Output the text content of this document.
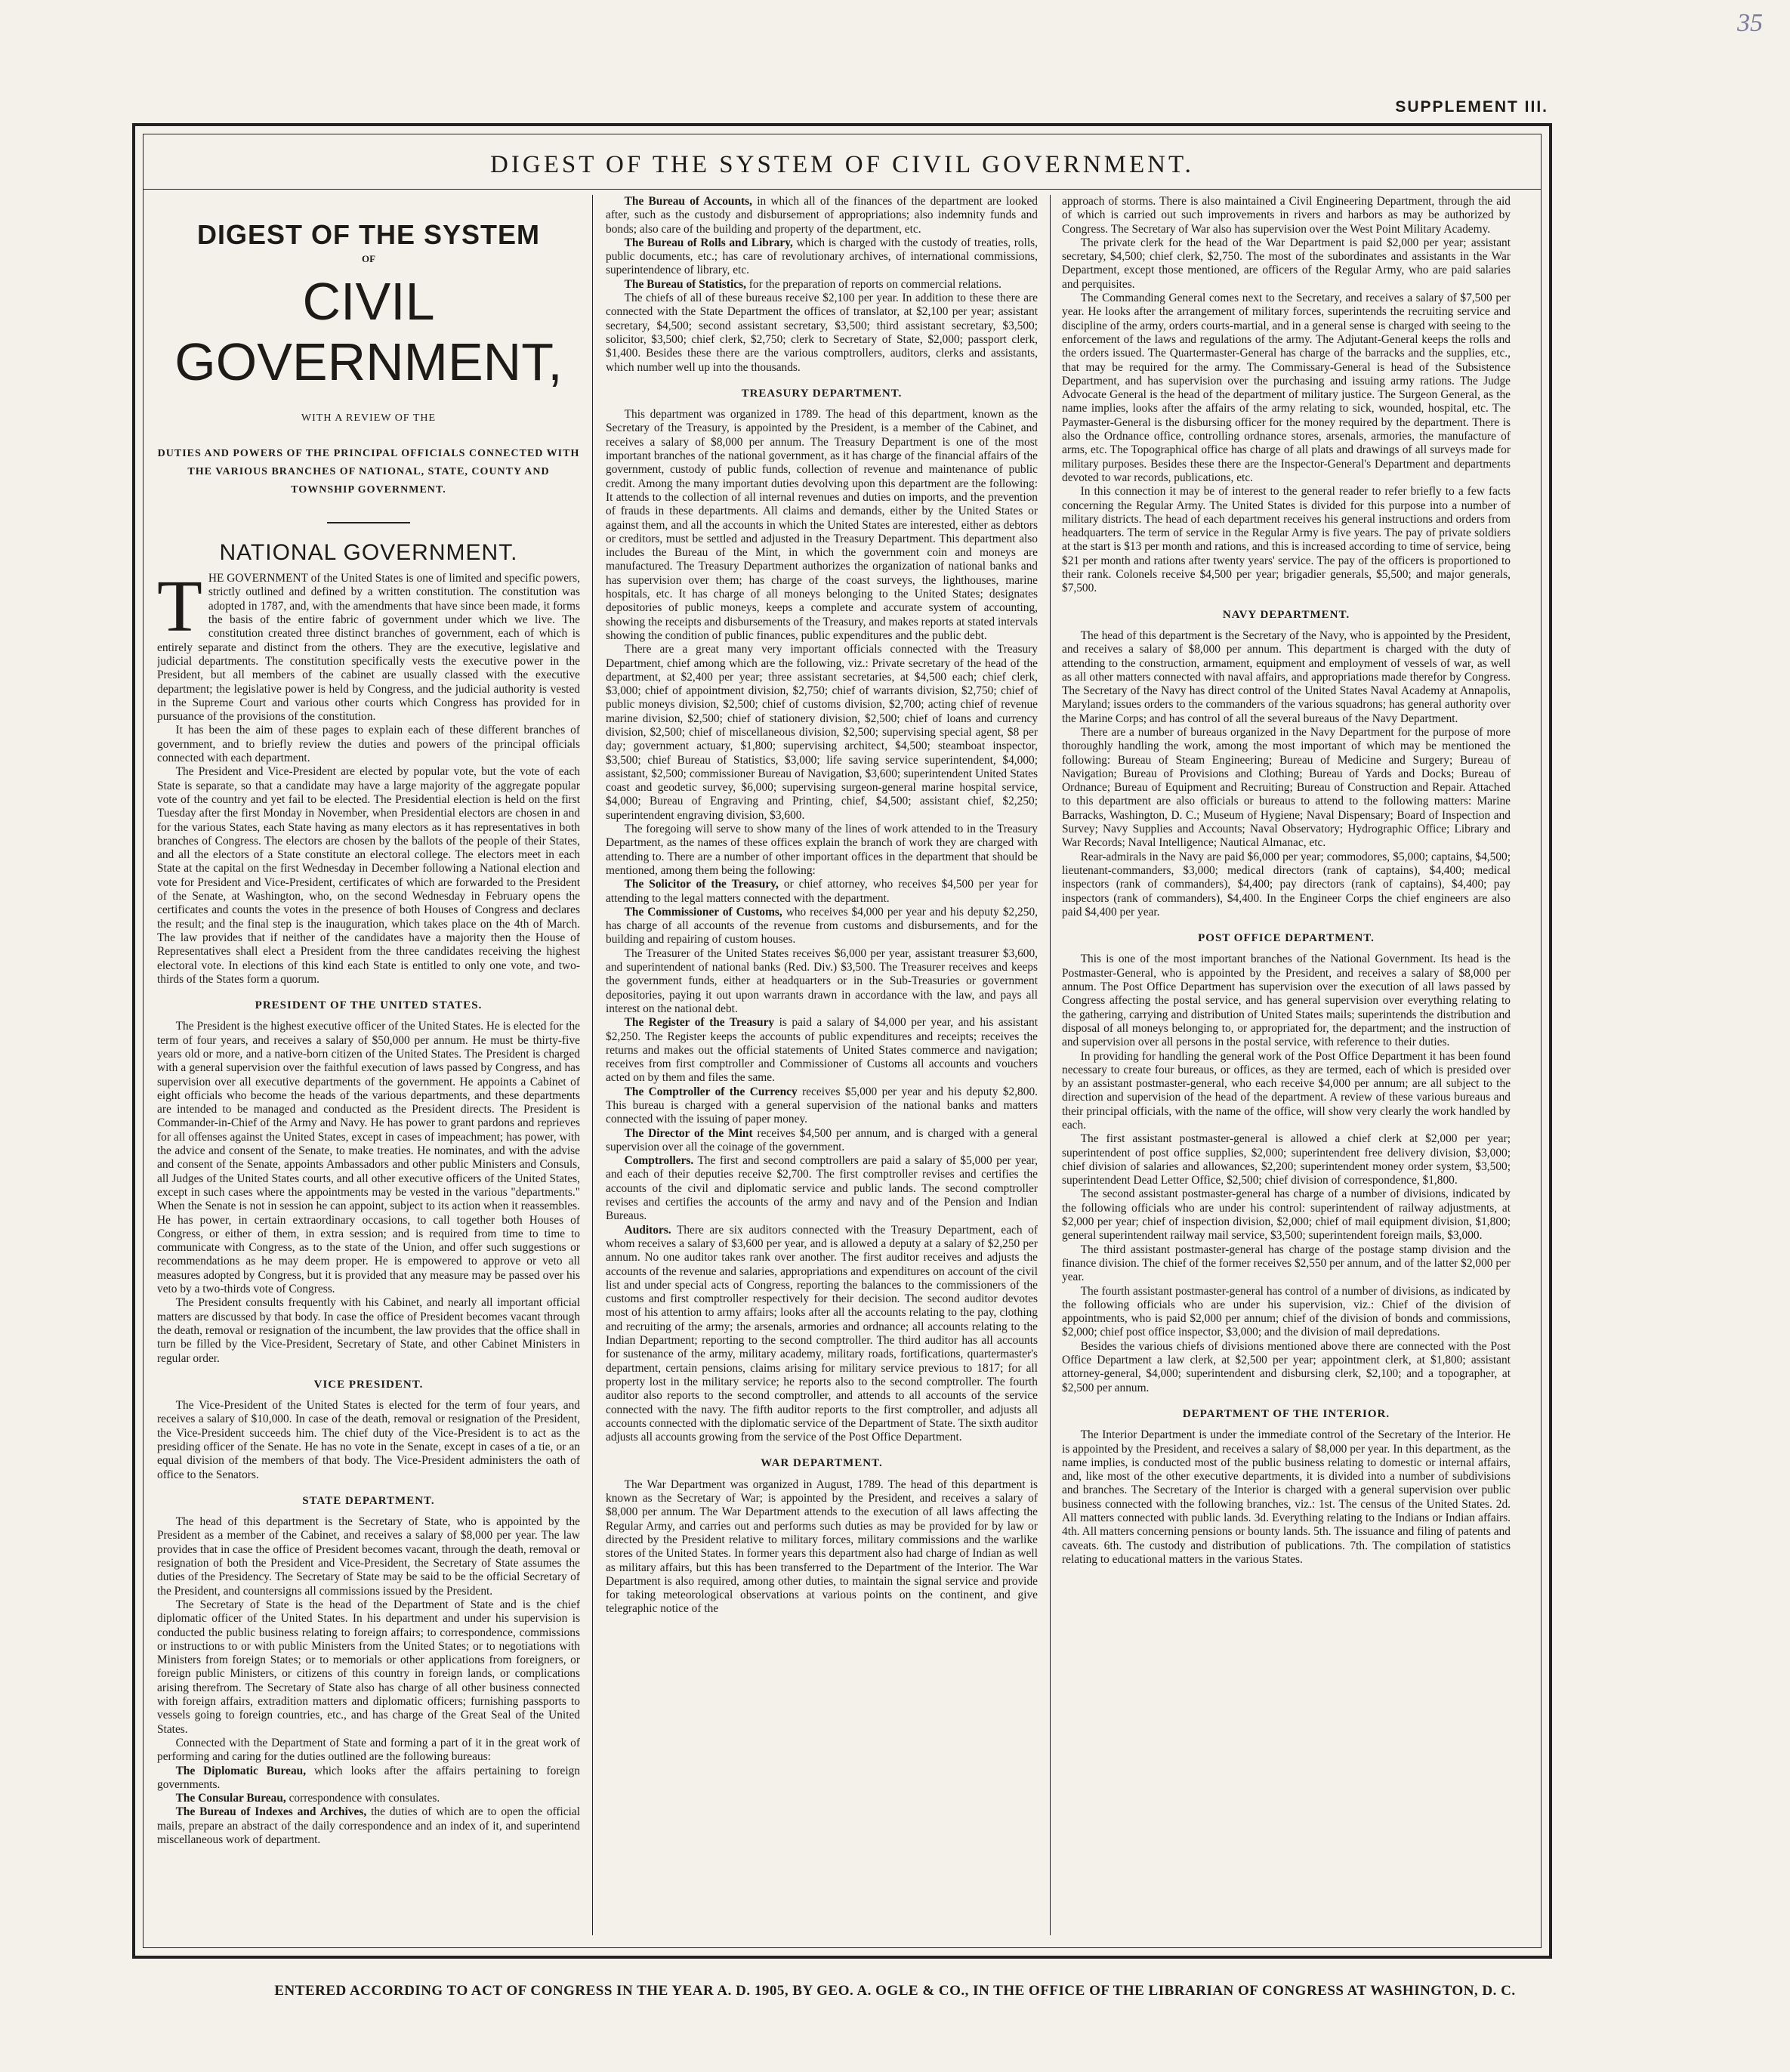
35
SUPPLEMENT III.
DIGEST OF THE SYSTEM OF CIVIL GOVERNMENT.
DIGEST OF THE SYSTEM
OF
CIVIL GOVERNMENT,
WITH A REVIEW OF THE
DUTIES AND POWERS OF THE PRINCIPAL OFFICIALS CONNECTED WITH THE VARIOUS BRANCHES OF NATIONAL, STATE, COUNTY AND TOWNSHIP GOVERNMENT.
NATIONAL GOVERNMENT.
T HE GOVERNMENT of the United States is one of limited and specific powers, strictly outlined and defined by a written constitution. The constitution was adopted in 1787, and, with the amendments that have since been made, it forms the basis of the entire fabric of government under which we live. The constitution created three distinct branches of government, each of which is entirely separate and distinct from the others. They are the executive, legislative and judicial departments. The constitution specifically vests the executive power in the President, but all members of the cabinet are usually classed with the executive department; the legislative power is held by Congress, and the judicial authority is vested in the Supreme Court and various other courts which Congress has provided for in pursuance of the provisions of the constitution.

It has been the aim of these pages to explain each of these different branches of government, and to briefly review the duties and powers of the principal officials connected with each department.

The President and Vice-President are elected by popular vote, but the vote of each State is separate, so that a candidate may have a large majority of the aggregate popular vote of the country and yet fail to be elected. The Presidential election is held on the first Tuesday after the first Monday in November, when Presidential electors are chosen in and for the various States, each State having as many electors as it has representatives in both branches of Congress. The electors are chosen by the ballots of the people of their States, and all the electors of a State constitute an electoral college. The electors meet in each State at the capital on the first Wednesday in December following a National election and vote for President and Vice-President, certificates of which are forwarded to the President of the Senate, at Washington, who, on the second Wednesday in February opens the certificates and counts the votes in the presence of both Houses of Congress and declares the result; and the final step is the inauguration, which takes place on the 4th of March. The law provides that if neither of the candidates have a majority then the House of Representatives shall elect a President from the three candidates receiving the highest electoral vote. In elections of this kind each State is entitled to only one vote, and two-thirds of the States form a quorum.

PRESIDENT OF THE UNITED STATES.

The President is the highest executive officer of the United States. He is elected for the term of four years, and receives a salary of $50,000 per annum. He must be thirty-five years old or more, and a native-born citizen of the United States. The President is charged with a general supervision over the faithful execution of laws passed by Congress, and has supervision over all executive departments of the government. He appoints a Cabinet of eight officials who become the heads of the various departments, and these departments are intended to be managed and conducted as the President directs. The President is Commander-in-Chief of the Army and Navy. He has power to grant pardons and reprieves for all offenses against the United States, except in cases of impeachment; has power, with the advice and consent of the Senate, to make treaties. He nominates, and with the advise and consent of the Senate, appoints Ambassadors and other public Ministers and Consuls, all Judges of the United States courts, and all other executive officers of the United States, except in such cases where the appointments may be vested in the various "departments." When the Senate is not in session he can appoint, subject to its action when it reassembles. He has power, in certain extraordinary occasions, to call together both Houses of Congress, or either of them, in extra session; and is required from time to time to communicate with Congress, as to the state of the Union, and offer such suggestions or recommendations as he may deem proper. He is empowered to approve or veto all measures adopted by Congress, but it is provided that any measure may be passed over his veto by a two-thirds vote of Congress.

The President consults frequently with his Cabinet, and nearly all important official matters are discussed by that body. In case the office of President becomes vacant through the death, removal or resignation of the incumbent, the law provides that the office shall in turn be filled by the Vice-President, Secretary of State, and other Cabinet Ministers in regular order.

VICE PRESIDENT.

The Vice-President of the United States is elected for the term of four years, and receives a salary of $10,000. In case of the death, removal or resignation of the President, the Vice-President succeeds him. The chief duty of the Vice-President is to act as the presiding officer of the Senate. He has no vote in the Senate, except in cases of a tie, or an equal division of the members of that body. The Vice-President administers the oath of office to the Senators.

STATE DEPARTMENT.

The head of this department is the Secretary of State, who is appointed by the President as a member of the Cabinet, and receives a salary of $8,000 per year. The law provides that in case the office of President becomes vacant, through the death, removal or resignation of both the President and Vice-President, the Secretary of State assumes the duties of the Presidency. The Secretary of State may be said to be the official Secretary of the President, and countersigns all commissions issued by the President.

The Secretary of State is the head of the Department of State and is the chief diplomatic officer of the United States. In his department and under his supervision is conducted the public business relating to foreign affairs; to correspondence, commissions or instructions to or with public Ministers from the United States; or to negotiations with Ministers from foreign States; or to memorials or other applications from foreigners, or foreign public Ministers, or citizens of this country in foreign lands, or complications arising therefrom. The Secretary of State also has charge of all other business connected with foreign affairs, extradition matters and diplomatic officers; furnishing passports to vessels going to foreign countries, etc., and has charge of the Great Seal of the United States.

Connected with the Department of State and forming a part of it in the great work of performing and caring for the duties outlined are the following bureaus:

The Diplomatic Bureau, which looks after the affairs pertaining to foreign governments.

The Consular Bureau, correspondence with consulates.

The Bureau of Indexes and Archives, the duties of which are to open the official mails, prepare an abstract of the daily correspondence and an index of it, and superintend miscellaneous work of department.

The Bureau of Accounts, in which all of the finances of the department are looked after, such as the custody and disbursement of appropriations; also indemnity funds and bonds; also care of the building and property of the department, etc.

The Bureau of Rolls and Library, which is charged with the custody of treaties, rolls, public documents, etc.; has care of revolutionary archives, of international commissions, superintendence of library, etc.

The Bureau of Statistics, for the preparation of reports on commercial relations.

The chiefs of all of these bureaus receive $2,100 per year. In addition to these there are connected with the State Department the offices of translator, at $2,100 per year; assistant secretary, $4,500; second assistant secretary, $3,500; third assistant secretary, $3,500; solicitor, $3,500; chief clerk, $2,750; clerk to Secretary of State, $2,000; passport clerk, $1,400. Besides these there are the various comptrollers, auditors, clerks and assistants, which number well up into the thousands.

TREASURY DEPARTMENT.

This department was organized in 1789. The head of this department, known as the Secretary of the Treasury, is appointed by the President, is a member of the Cabinet, and receives a salary of $8,000 per annum. The Treasury Department is one of the most important branches of the national government, as it has charge of the financial affairs of the government, custody of public funds, collection of revenue and maintenance of public credit. Among the many important duties devolving upon this department are the following: It attends to the collection of all internal revenues and duties on imports, and the prevention of frauds in these departments. All claims and demands, either by the United States or against them, and all the accounts in which the United States are interested, either as debtors or creditors, must be settled and adjusted in the Treasury Department. This department also includes the Bureau of the Mint, in which the government coin and moneys are manufactured. The Treasury Department authorizes the organization of national banks and has supervision over them; has charge of the coast surveys, the lighthouses, marine hospitals, etc. It has charge of all moneys belonging to the United States; designates depositories of public moneys, keeps a complete and accurate system of accounting, showing the receipts and disbursements of the Treasury, and makes reports at stated intervals showing the condition of public finances, public expenditures and the public debt.

There are a great many very important officials connected with the Treasury Department, chief among which are the following, viz.: Private secretary of the head of the department, at $2,400 per year; three assistant secretaries, at $4,500 each; chief clerk, $3,000; chief of appointment division, $2,750; chief of warrants division, $2,750; chief of public moneys division, $2,500; chief of customs division, $2,700; acting chief of revenue marine division, $2,500; chief of stationery division, $2,500; chief of loans and currency division, $2,500; chief of miscellaneous division, $2,500; supervising special agent, $8 per day; government actuary, $1,800; supervising architect, $4,500; steamboat inspector, $3,500; chief Bureau of Statistics, $3,000; life saving service superintendent, $4,000; assistant, $2,500; commissioner Bureau of Navigation, $3,600; superintendent United States coast and geodetic survey, $6,000; supervising surgeon-general marine hospital service, $4,000; Bureau of Engraving and Printing, chief, $4,500; assistant chief, $2,250; superintendent engraving division, $3,600.

The foregoing will serve to show many of the lines of work attended to in the Treasury Department, as the names of these offices explain the branch of work they are charged with attending to. There are a number of other important offices in the department that should be mentioned, among them being the following:

The Solicitor of the Treasury, or chief attorney, who receives $4,500 per year for attending to the legal matters connected with the department.

The Commissioner of Customs, who receives $4,000 per year and his deputy $2,250, has charge of all accounts of the revenue from customs and disbursements, and for the building and repairing of custom houses.

The Treasurer of the United States receives $6,000 per year, assistant treasurer $3,600, and superintendent of national banks (Red. Div.) $3,500. The Treasurer receives and keeps the government funds, either at headquarters or in the Sub-Treasuries or government depositories, paying it out upon warrants drawn in accordance with the law, and pays all interest on the national debt.

The Register of the Treasury is paid a salary of $4,000 per year, and his assistant $2,250. The Register keeps the accounts of public expenditures and receipts; receives the returns and makes out the official statements of United States commerce and navigation; receives from first comptroller and Commissioner of Customs all accounts and vouchers acted on by them and files the same.

The Comptroller of the Currency receives $5,000 per year and his deputy $2,800. This bureau is charged with a general supervision of the national banks and matters connected with the issuing of paper money.

The Director of the Mint receives $4,500 per annum, and is charged with a general supervision over all the coinage of the government.

Comptrollers. The first and second comptrollers are paid a salary of $5,000 per year, and each of their deputies receive $2,700. The first comptroller revises and certifies the accounts of the civil and diplomatic service and public lands. The second comptroller revises and certifies the accounts of the army and navy and of the Pension and Indian Bureaus.

Auditors. There are six auditors connected with the Treasury Department, each of whom receives a salary of $3,600 per year, and is allowed a deputy at a salary of $2,250 per annum. No one auditor takes rank over another. The first auditor receives and adjusts the accounts of the revenue and salaries, appropriations and expenditures on account of the civil list and under special acts of Congress, reporting the balances to the commissioners of the customs and first comptroller respectively for their decision. The second auditor devotes most of his attention to army affairs; looks after all the accounts relating to the pay, clothing and recruiting of the army; the arsenals, armories and ordnance; all accounts relating to the Indian Department; reporting to the second comptroller. The third auditor has all accounts for sustenance of the army, military academy, military roads, fortifications, quartermaster's department, certain pensions, claims arising for military service previous to 1817; for all property lost in the military service; he reports also to the second comptroller. The fourth auditor also reports to the second comptroller, and attends to all accounts of the service connected with the navy. The fifth auditor reports to the first comptroller, and adjusts all accounts connected with the diplomatic service of the Department of State. The sixth auditor adjusts all accounts growing from the service of the Post Office Department.

WAR DEPARTMENT.

The War Department was organized in August, 1789. The head of this department is known as the Secretary of War; is appointed by the President, and receives a salary of $8,000 per annum. The War Department attends to the execution of all laws affecting the Regular Army, and carries out and performs such duties as may be provided for by law or directed by the President relative to military forces, military commissions and the warlike stores of the United States. In former years this department also had charge of Indian as well as military affairs, but this has been transferred to the Department of the Interior. The War Department is also required, among other duties, to maintain the signal service and provide for taking meteorological observations at various points on the continent, and give telegraphic notice of the

approach of storms. There is also maintained a Civil Engineering Department, through the aid of which is carried out such improvements in rivers and harbors as may be authorized by Congress. The Secretary of War also has supervision over the West Point Military Academy.

The private clerk for the head of the War Department is paid $2,000 per year; assistant secretary, $4,500; chief clerk, $2,750. The most of the subordinates and assistants in the War Department, except those mentioned, are officers of the Regular Army, who are paid salaries and perquisites.

The Commanding General comes next to the Secretary, and receives a salary of $7,500 per year. He looks after the arrangement of military forces, superintends the recruiting service and discipline of the army, orders courts-martial, and in a general sense is charged with seeing to the enforcement of the laws and regulations of the army. The Adjutant-General keeps the rolls and the orders issued. The Quartermaster-General has charge of the barracks and the supplies, etc., that may be required for the army. The Commissary-General is head of the Subsistence Department, and has supervision over the purchasing and issuing army rations. The Judge Advocate General is the head of the department of military justice. The Surgeon General, as the name implies, looks after the affairs of the army relating to sick, wounded, hospital, etc. The Paymaster-General is the disbursing officer for the money required by the department. There is also the Ordnance office, controlling ordnance stores, arsenals, armories, the manufacture of arms, etc. The Topographical office has charge of all plats and drawings of all surveys made for military purposes. Besides these there are the Inspector-General's Department and departments devoted to war records, publications, etc.

In this connection it may be of interest to the general reader to refer briefly to a few facts concerning the Regular Army. The United States is divided for this purpose into a number of military districts. The head of each department receives his general instructions and orders from headquarters. The term of service in the Regular Army is five years. The pay of private soldiers at the start is $13 per month and rations, and this is increased according to time of service, being $21 per month and rations after twenty years' service. The pay of the officers is proportioned to their rank. Colonels receive $4,500 per year; brigadier generals, $5,500; and major generals, $7,500.

NAVY DEPARTMENT.

The head of this department is the Secretary of the Navy, who is appointed by the President, and receives a salary of $8,000 per annum. This department is charged with the duty of attending to the construction, armament, equipment and employment of vessels of war, as well as all other matters connected with naval affairs, and appropriations made therefor by Congress. The Secretary of the Navy has direct control of the United States Naval Academy at Annapolis, Maryland; issues orders to the commanders of the various squadrons; has general authority over the Marine Corps; and has control of all the several bureaus of the Navy Department.

There are a number of bureaus organized in the Navy Department for the purpose of more thoroughly handling the work, among the most important of which may be mentioned the following: Bureau of Steam Engineering; Bureau of Medicine and Surgery; Bureau of Navigation; Bureau of Provisions and Clothing; Bureau of Yards and Docks; Bureau of Ordnance; Bureau of Equipment and Recruiting; Bureau of Construction and Repair. Attached to this department are also officials or bureaus to attend to the following matters: Marine Barracks, Washington, D. C.; Museum of Hygiene; Naval Dispensary; Board of Inspection and Survey; Navy Supplies and Accounts; Naval Observatory; Hydrographic Office; Library and War Records; Naval Intelligence; Nautical Almanac, etc.

Rear-admirals in the Navy are paid $6,000 per year; commodores, $5,000; captains, $4,500; lieutenant-commanders, $3,000; medical directors (rank of captains), $4,400; medical inspectors (rank of commanders), $4,400; pay directors (rank of captains), $4,400; pay inspectors (rank of commanders), $4,400. In the Engineer Corps the chief engineers are also paid $4,400 per year.

POST OFFICE DEPARTMENT.

This is one of the most important branches of the National Government. Its head is the Postmaster-General, who is appointed by the President, and receives a salary of $8,000 per annum. The Post Office Department has supervision over the execution of all laws passed by Congress affecting the postal service, and has general supervision over everything relating to the gathering, carrying and distribution of United States mails; superintends the distribution and disposal of all moneys belonging to, or appropriated for, the department; and the instruction of and supervision over all persons in the postal service, with reference to their duties.

In providing for handling the general work of the Post Office Department it has been found necessary to create four bureaus, or offices, as they are termed, each of which is presided over by an assistant postmaster-general, who each receive $4,000 per annum; are all subject to the direction and supervision of the head of the department. A review of these various bureaus and their principal officials, with the name of the office, will show very clearly the work handled by each.

The first assistant postmaster-general is allowed a chief clerk at $2,000 per year; superintendent of post office supplies, $2,000; superintendent free delivery division, $3,000; chief division of salaries and allowances, $2,200; superintendent money order system, $3,500; superintendent Dead Letter Office, $2,500; chief division of correspondence, $1,800.

The second assistant postmaster-general has charge of a number of divisions, indicated by the following officials who are under his control: superintendent of railway adjustments, at $2,000 per year; chief of inspection division, $2,000; chief of mail equipment division, $1,800; general superintendent railway mail service, $3,500; superintendent foreign mails, $3,000.

The third assistant postmaster-general has charge of the postage stamp division and the finance division. The chief of the former receives $2,550 per annum, and of the latter $2,000 per year.

The fourth assistant postmaster-general has control of a number of divisions, as indicated by the following officials who are under his supervision, viz.: Chief of the division of appointments, who is paid $2,000 per annum; chief of the division of bonds and commissions, $2,000; chief post office inspector, $3,000; and the division of mail depredations.

Besides the various chiefs of divisions mentioned above there are connected with the Post Office Department a law clerk, at $2,500 per year; appointment clerk, at $1,800; assistant attorney-general, $4,000; superintendent and disbursing clerk, $2,100; and a topographer, at $2,500 per annum.

DEPARTMENT OF THE INTERIOR.

The Interior Department is under the immediate control of the Secretary of the Interior. He is appointed by the President, and receives a salary of $8,000 per year. In this department, as the name implies, is conducted most of the public business relating to domestic or internal affairs, and, like most of the other executive departments, it is divided into a number of subdivisions and branches. The Secretary of the Interior is charged with a general supervision over public business connected with the following branches, viz.: 1st. The census of the United States. 2d. All matters connected with public lands. 3d. Everything relating to the Indians or Indian affairs. 4th. All matters concerning pensions or bounty lands. 5th. The issuance and filing of patents and caveats. 6th. The custody and distribution of publications. 7th. The compilation of statistics relating to educational matters in the various States.

ENTERED ACCORDING TO ACT OF CONGRESS IN THE YEAR A. D. 1905, BY GEO. A. OGLE & CO., IN THE OFFICE OF THE LIBRARIAN OF CONGRESS AT WASHINGTON, D. C.
